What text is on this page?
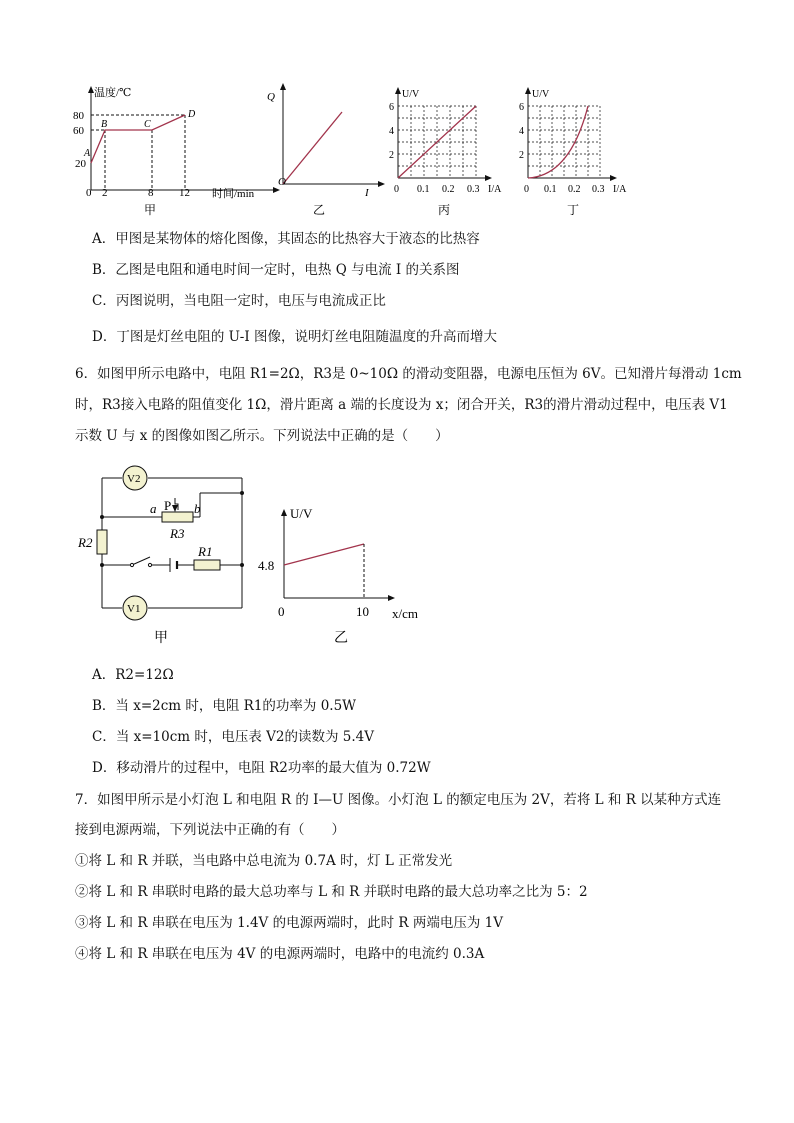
温度/℃
时间/min
80
60
20
0 2	8 12
A
B	C
D
甲
Q
I
O
乙
U/V
6
4
2
0 0.1 0.2 0.3 I/A
丙
U/V
6
4
2
0 0.1 0.2 0.3 I/A
丁
A．甲图是某物体的熔化图像，其固态的比热容大于液态的比热容
B．乙图是电阻和通电时间一定时，电热 Q 与电流 I 的关系图
C．丙图说明，当电阻一定时，电压与电流成正比
D．丁图是灯丝电阻的 U-I 图像，说明灯丝电阻随温度的升高而增大
6．如图甲所示电路中，电阻 R1=2Ω，R3是 0~10Ω 的滑动变阻器，电源电压恒为 6V。已知滑片每滑动 1cm
时，R3接入电路的阻值变化 1Ω，滑片距离 a 端的长度设为 x；闭合开关，R3的滑片滑动过程中，电压表 V1
示数 U 与 x 的图像如图乙所示。下列说法中正确的是（　　）
V2
V1
a P b
R3
R2
R1
甲
U/V
4.8
0	10 x/cm
乙
A．R2=12Ω
B．当 x=2cm 时，电阻 R1的功率为 0.5W
C．当 x=10cm 时，电压表 V2的读数为 5.4V
D．移动滑片的过程中，电阻 R2功率的最大值为 0.72W
7．如图甲所示是小灯泡 L 和电阻 R 的 I—U 图像。小灯泡 L 的额定电压为 2V，若将 L 和 R 以某种方式连
接到电源两端，下列说法中正确的有（　　）
①将 L 和 R 并联，当电路中总电流为 0.7A 时，灯 L 正常发光
②将 L 和 R 串联时电路的最大总功率与 L 和 R 并联时电路的最大总功率之比为 5：2
③将 L 和 R 串联在电压为 1.4V 的电源两端时，此时 R 两端电压为 1V
④将 L 和 R 串联在电压为 4V 的电源两端时，电路中的电流约 0.3A
